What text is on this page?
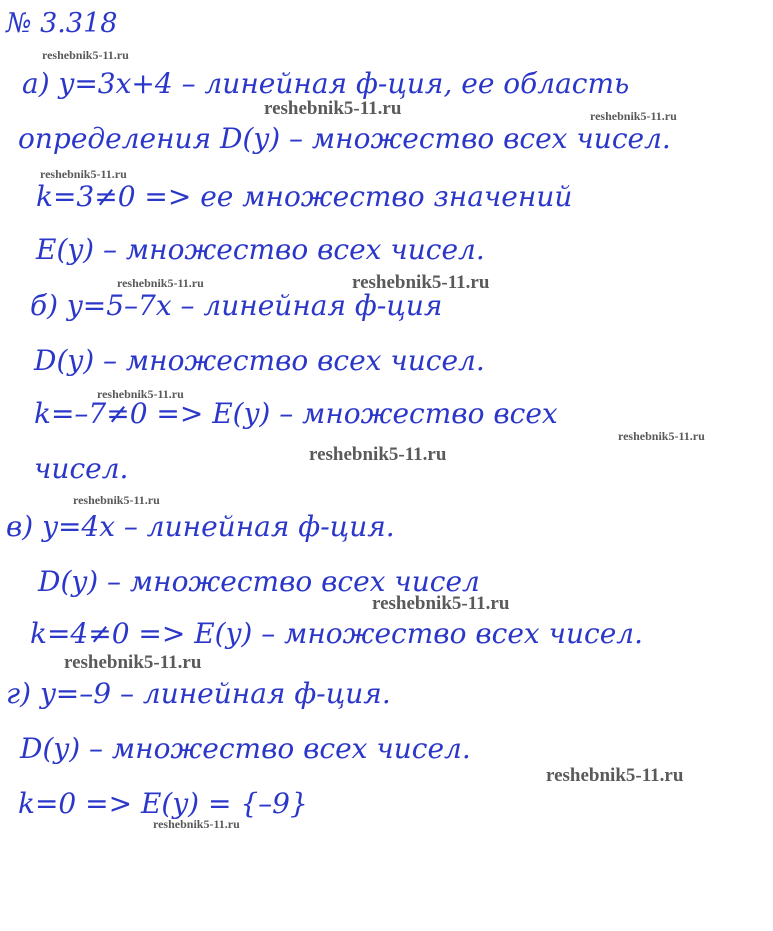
№ 3.318
а) y=3x+4 – линейная ф-ция, ее область
определения D(y) – множество всех чисел.
k=3≠0 => ее множество значений
E(y) – множество всех чисел.
б) y=5–7x – линейная ф-ция
D(y) – множество всех чисел.
k=–7≠0 => E(y) – множество всех
чисел.
в) y=4x – линейная ф-ция.
D(y) – множество всех чисел
k=4≠0 => E(y) – множество всех чисел.
г) y=–9 – линейная ф-ция.
D(y) – множество всех чисел.
k=0 => E(y) = {–9}
reshebnik5-11.ru
reshebnik5-11.ru	reshebnik5-11.ru
reshebnik5-11.ru
reshebnik5-11.ru	reshebnik5-11.ru
reshebnik5-11.ru
reshebnik5-11.ru
reshebnik5-11.ru
reshebnik5-11.ru
reshebnik5-11.ru
reshebnik5-11.ru
reshebnik5-11.ru
reshebnik5-11.ru
